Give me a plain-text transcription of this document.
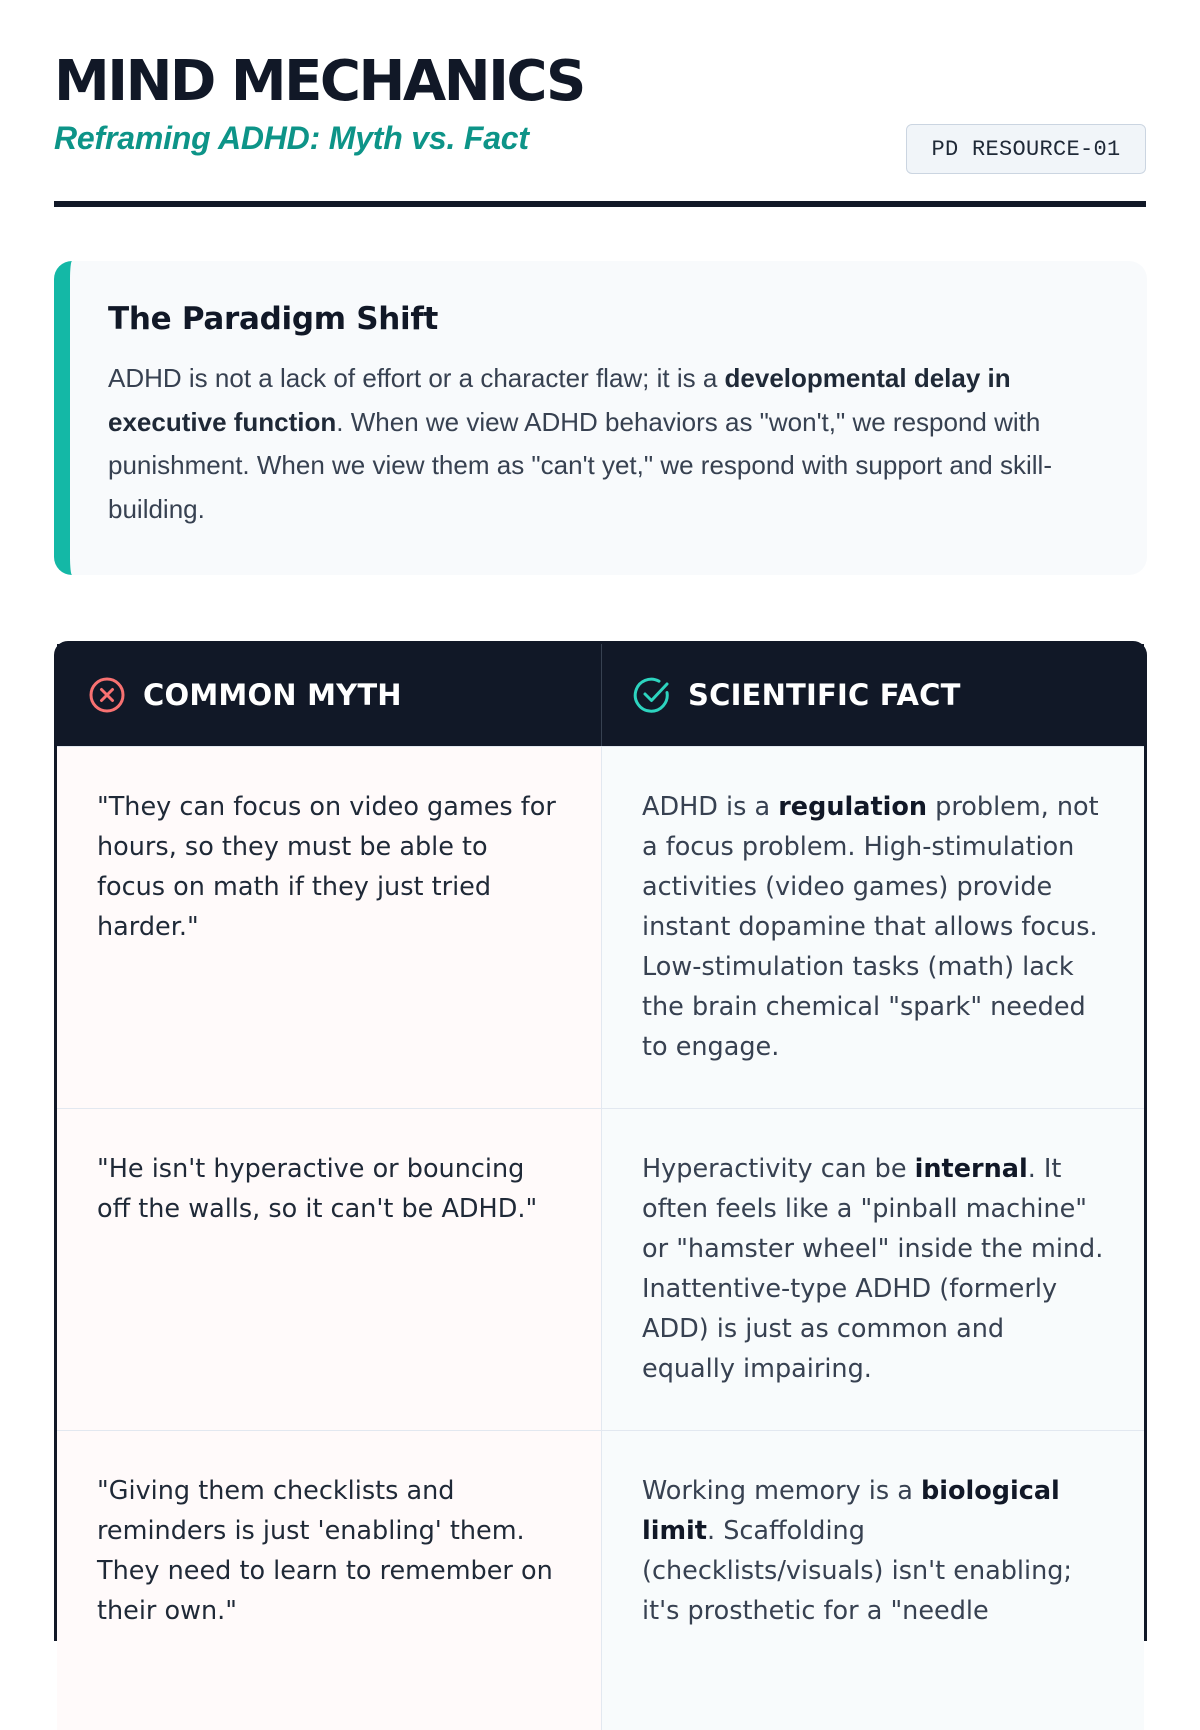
MIND MECHANICS
Reframing ADHD: Myth vs. Fact	PD RESOURCE-01
The Paradigm Shift

ADHD is not a lack of effort or a character flaw; it is a developmental delay in executive function. When we view ADHD behaviors as "won't," we respond with punishment. When we view them as "can't yet," we respond with support and skill-building.

COMMON MYTH	SCIENTIFIC FACT
"They can focus on video games for hours, so they must be able to focus on math if they just tried harder."
ADHD is a regulation problem, not a focus problem. High-stimulation activities (video games) provide instant dopamine that allows focus. Low-stimulation tasks (math) lack the brain chemical "spark" needed to engage.
"He isn't hyperactive or bouncing off the walls, so it can't be ADHD."
Hyperactivity can be internal. It often feels like a "pinball machine" or "hamster wheel" inside the mind. Inattentive-type ADHD (formerly ADD) is just as common and equally impairing.
"Giving them checklists and reminders is just 'enabling' them. They need to learn to remember on their own."
Working memory is a biological limit. Scaffolding (checklists/visuals) isn't enabling; it's prosthetic for a "needle
